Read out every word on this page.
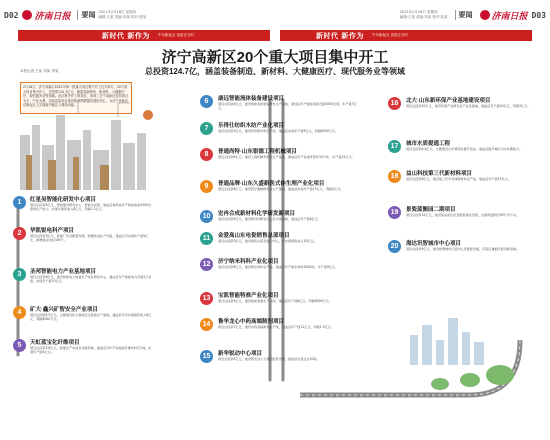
D02 济南日报	要闻 2021年2月18日 星期四
编辑:王某 美编:李某 校对:张某
2021年2月18日 星期四
编辑:王某 美编:李某 校对:张某	要闻 济南日报 D03
新时代 新作为 牛年新起点 奋进正当时	新时代 新作为 牛年新起点 奋进正当时
济宁高新区20个重大项目集中开工
总投资124.7亿，涵盖装备制造、新材料、大健康医疗、现代服务业等领域
本报记者 王某 刘某 李某
2月18日，济宁高新区2021年第一批重大项目集中开工仪式举行，20个重大项目集中开工，总投资124.7亿元，涵盖装备制造、新材料、大健康医疗、现代服务业等领域。此次集中开工的项目，体现了济宁高新区坚持项目为王、产业为基，以高质量项目建设推动高质量发展的决心，为济宁高新区在新起点上实现新突破注入强劲动能。
1	红星吴智能化研发中心项目
项目总投资5亿元，规划建设研发中心、智能车间等，建成后将形成年产智能装备1000台套的生产能力，实现年销售收入8亿元，利税1.2亿元。
2	华凯锐电科产项目
项目总投资3亿元，新建厂房及配套设施，购置先进生产设备，建成后可实现年产值5亿元，新增就业岗位300个。
3	圣邦智能电力产业基地项目
项目总投资6亿元，建设智能电力装备生产线及研发中心，建成后年产智能电力设备2万台套，实现年产值10亿元。
4	矿大·鑫兴矿智安全产业项目
项目总投资4.5亿元，主要建设矿山智能安全装备生产基地，建成后年可实现销售收入6亿元，利税8000万元。
5	天虹蓝宝化纤维项目
项目总投资3.8亿元，新建生产车间及仓储设施，建成后可年产高性能纤维材料2万吨，实现年产值4亿元。
6	康远智能流体装备建设项目
项目总投资4亿元，建设智能流体装备研发生产基地，建成后年产智能流体设备5000台套，年产值7亿元。
7	乐得仕纺织木纺产业化项目
项目总投资3亿元，建设纺织新材料生产线，建成后实现年产值5亿元，利税6000万元。
8	普通尚特·山东银德工程机械项目
项目总投资6亿元，建设工程机械零部件生产基地，建成后年产各类零部件10万件，年产值12亿元。
9	普通品牌·山东久盛新医式体生理产业化项目
项目总投资8亿元，建设医疗器械研发及生产基地，建成后实现年产值15亿元，利税2亿元。
10	宏冉合成新材料化学研发新项目
项目总投资5亿元，建设新材料研发中心及中试基地，建成后年产值8亿元。
11	金爱高山东电瓷销售总部项目
项目总投资3亿元，建设销售总部及展示中心，年实现销售收入10亿元。
12	济宁纳米科科产业化项目
项目总投资6亿元，建设纳米材料生产线，建成后年产纳米材料5000吨，年产值9亿元。
13	宝凯智能特准产业化项目
项目总投资4亿元，建设智能装备生产车间，建成后年产值6亿元，利税8000万元。
14	鲁华龙心中药高端制剂项目
项目总投资7亿元，建设中药高端制剂生产线，建成后年产值12亿元，利税1.5亿元。
15	新华锐动中心项目
项目总投资5亿元，建设研发办公大楼及配套设施，建成后引进企业50家。
16	北大·山东新环保产业基地建设项目
项目总投资10亿元，建设环保产业研发及产业化基地，建成后年产值20亿元，利税3亿元。
17	城市水质提通工程
项目总投资6.4亿元，主要建设污水管网及提升泵站，建成后提升城区污水处理能力。
18	益山科技第三代新材料项目
项目总投资8亿元，建设第三代半导体新材料生产线，建成后年产值15亿元。
19	景瓷蓝衡园二期项目
项目总投资12亿元，建设高品质住宅及配套商业设施，总建筑面积约30万平方米。
20	海达讯智城市中心项目
项目总投资9亿元，建设智慧城市运营中心及配套设施，打造区域数字经济新高地。
